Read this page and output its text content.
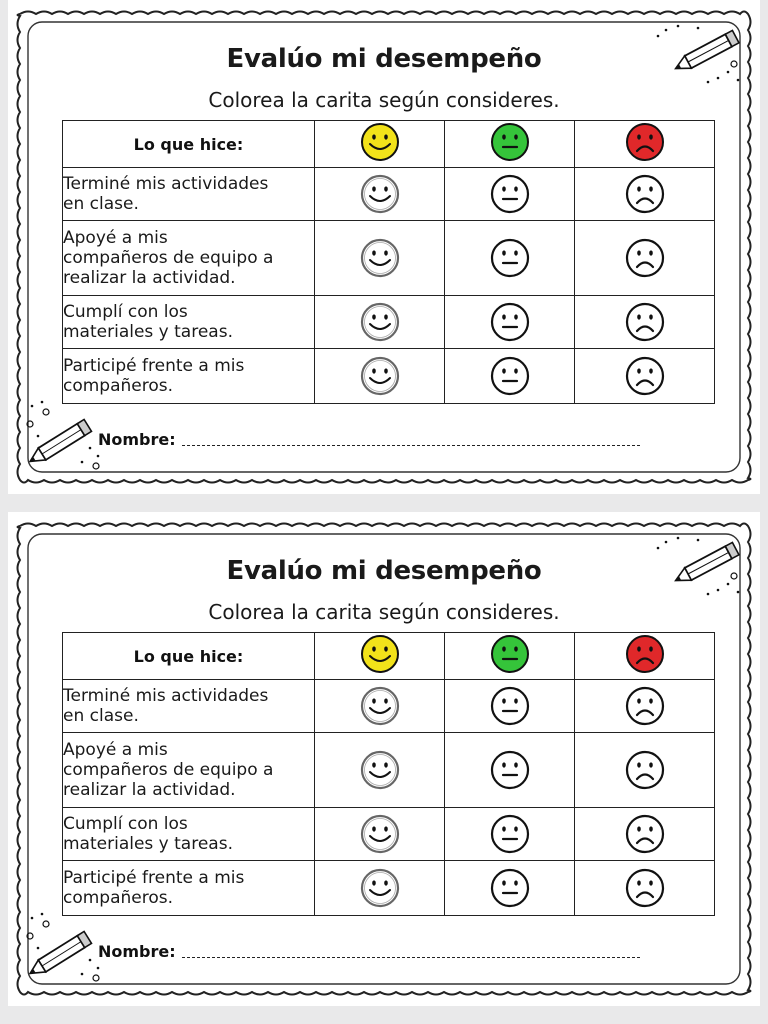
Evalúo mi desempeño
Colorea la carita según consideres.
Lo que hice:			

Terminé mis actividades
en clase.

Apoyé a mis
compañeros de equipo a
realizar la actividad.

Cumplí con los
materiales y tareas.

Participé frente a mis
compañeros.

Nombre:
Evalúo mi desempeño
Colorea la carita según consideres.
Lo que hice:			

Terminé mis actividades
en clase.

Apoyé a mis
compañeros de equipo a
realizar la actividad.

Cumplí con los
materiales y tareas.

Participé frente a mis
compañeros.

Nombre:
